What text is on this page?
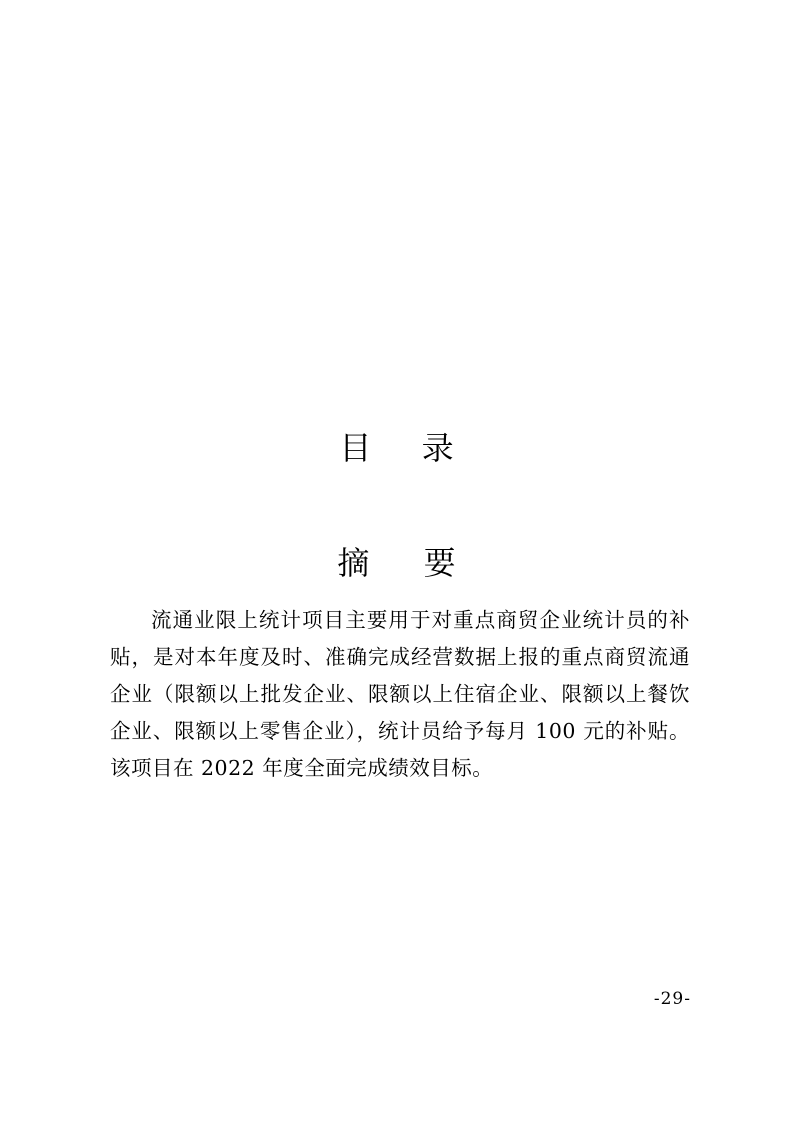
目 录
摘 要
流通业限上统计项目主要用于对重点商贸企业统计员的补贴，是对本年度及时、准确完成经营数据上报的重点商贸流通企业（限额以上批发企业、限额以上住宿企业、限额以上餐饮企业、限额以上零售企业），统计员给予每月 100 元的补贴。该项目在 2022 年度全面完成绩效目标。
-29-
